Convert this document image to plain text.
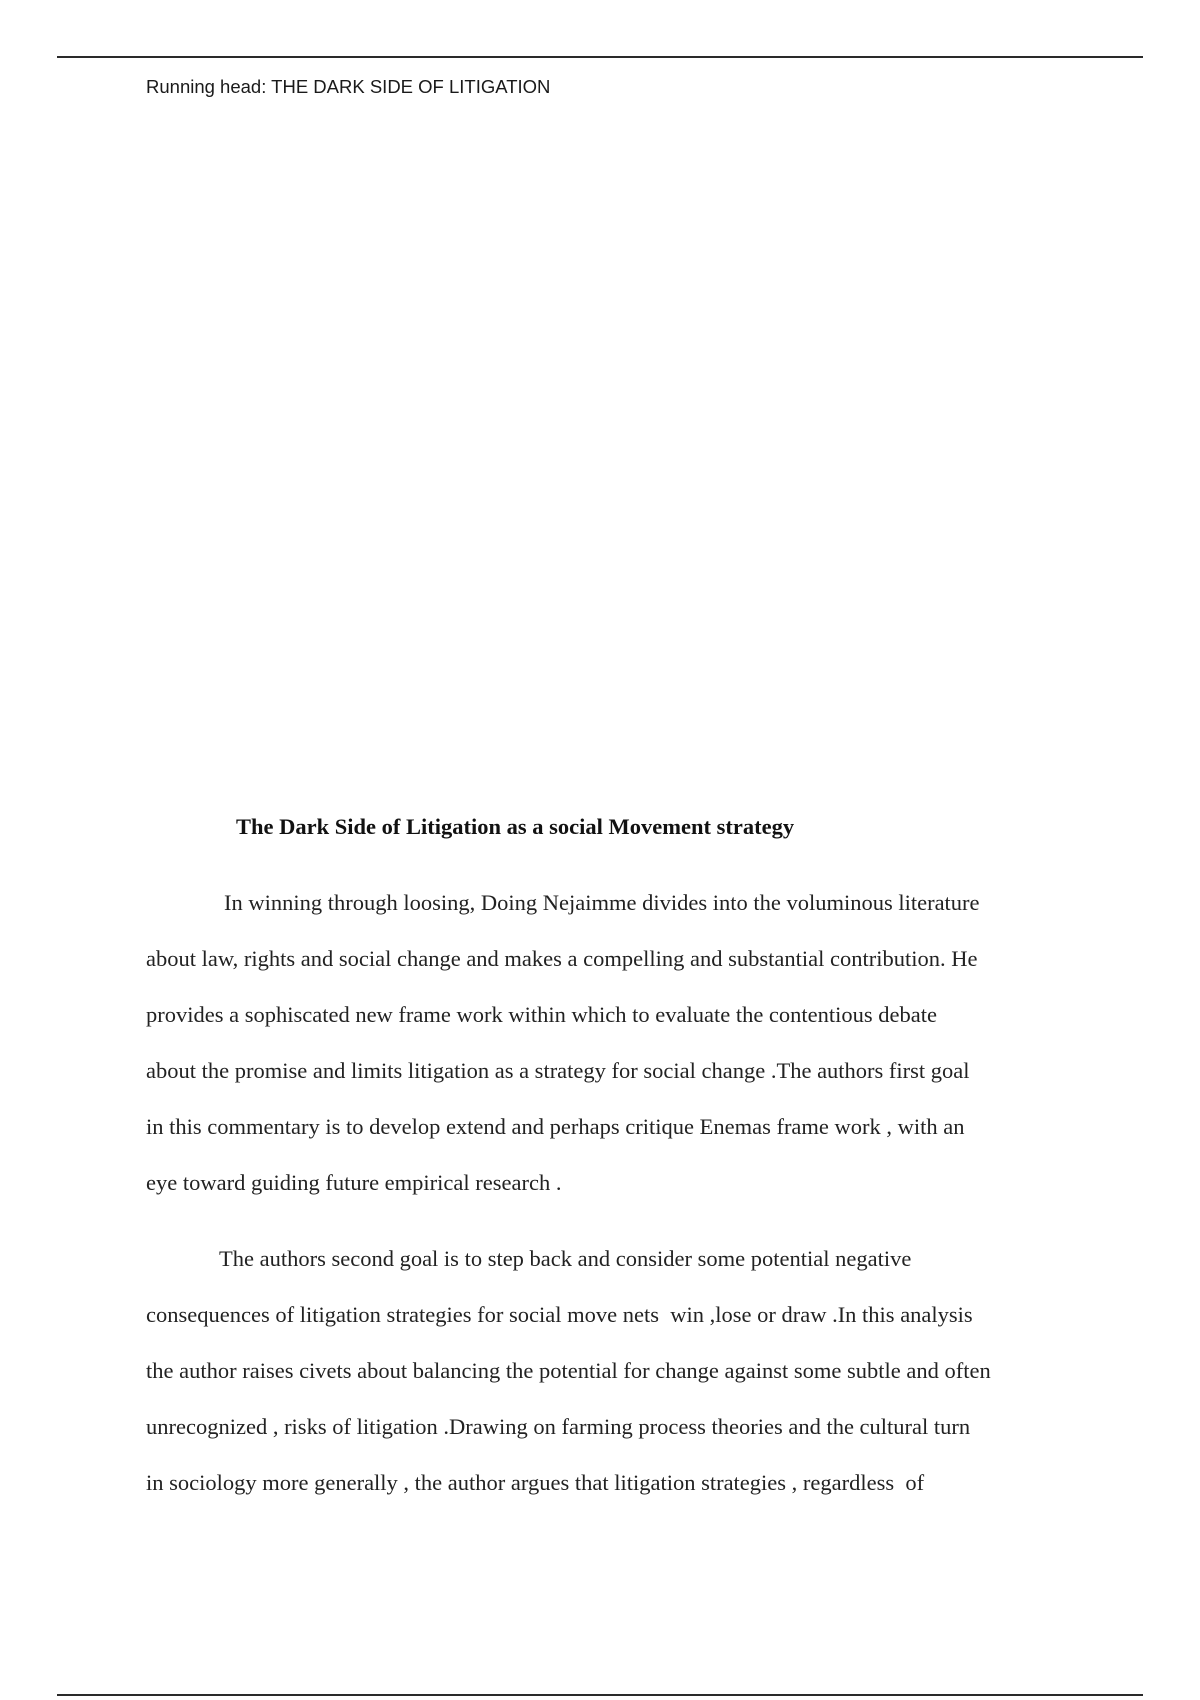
Running head: THE DARK SIDE OF LITIGATION
The Dark Side of Litigation as a social Movement strategy
In winning through loosing, Doing Nejaimme divides into the voluminous literature
about law, rights and social change and makes a compelling and substantial contribution. He
provides a sophiscated new frame work within which to evaluate the contentious debate
about the promise and limits litigation as a strategy for social change .The authors first goal
in this commentary is to develop extend and perhaps critique Enemas frame work , with an
eye toward guiding future empirical research .
The authors second goal is to step back and consider some potential negative
consequences of litigation strategies for social move nets  win ,lose or draw .In this analysis
the author raises civets about balancing the potential for change against some subtle and often
unrecognized , risks of litigation .Drawing on farming process theories and the cultural turn
in sociology more generally , the author argues that litigation strategies , regardless  of
